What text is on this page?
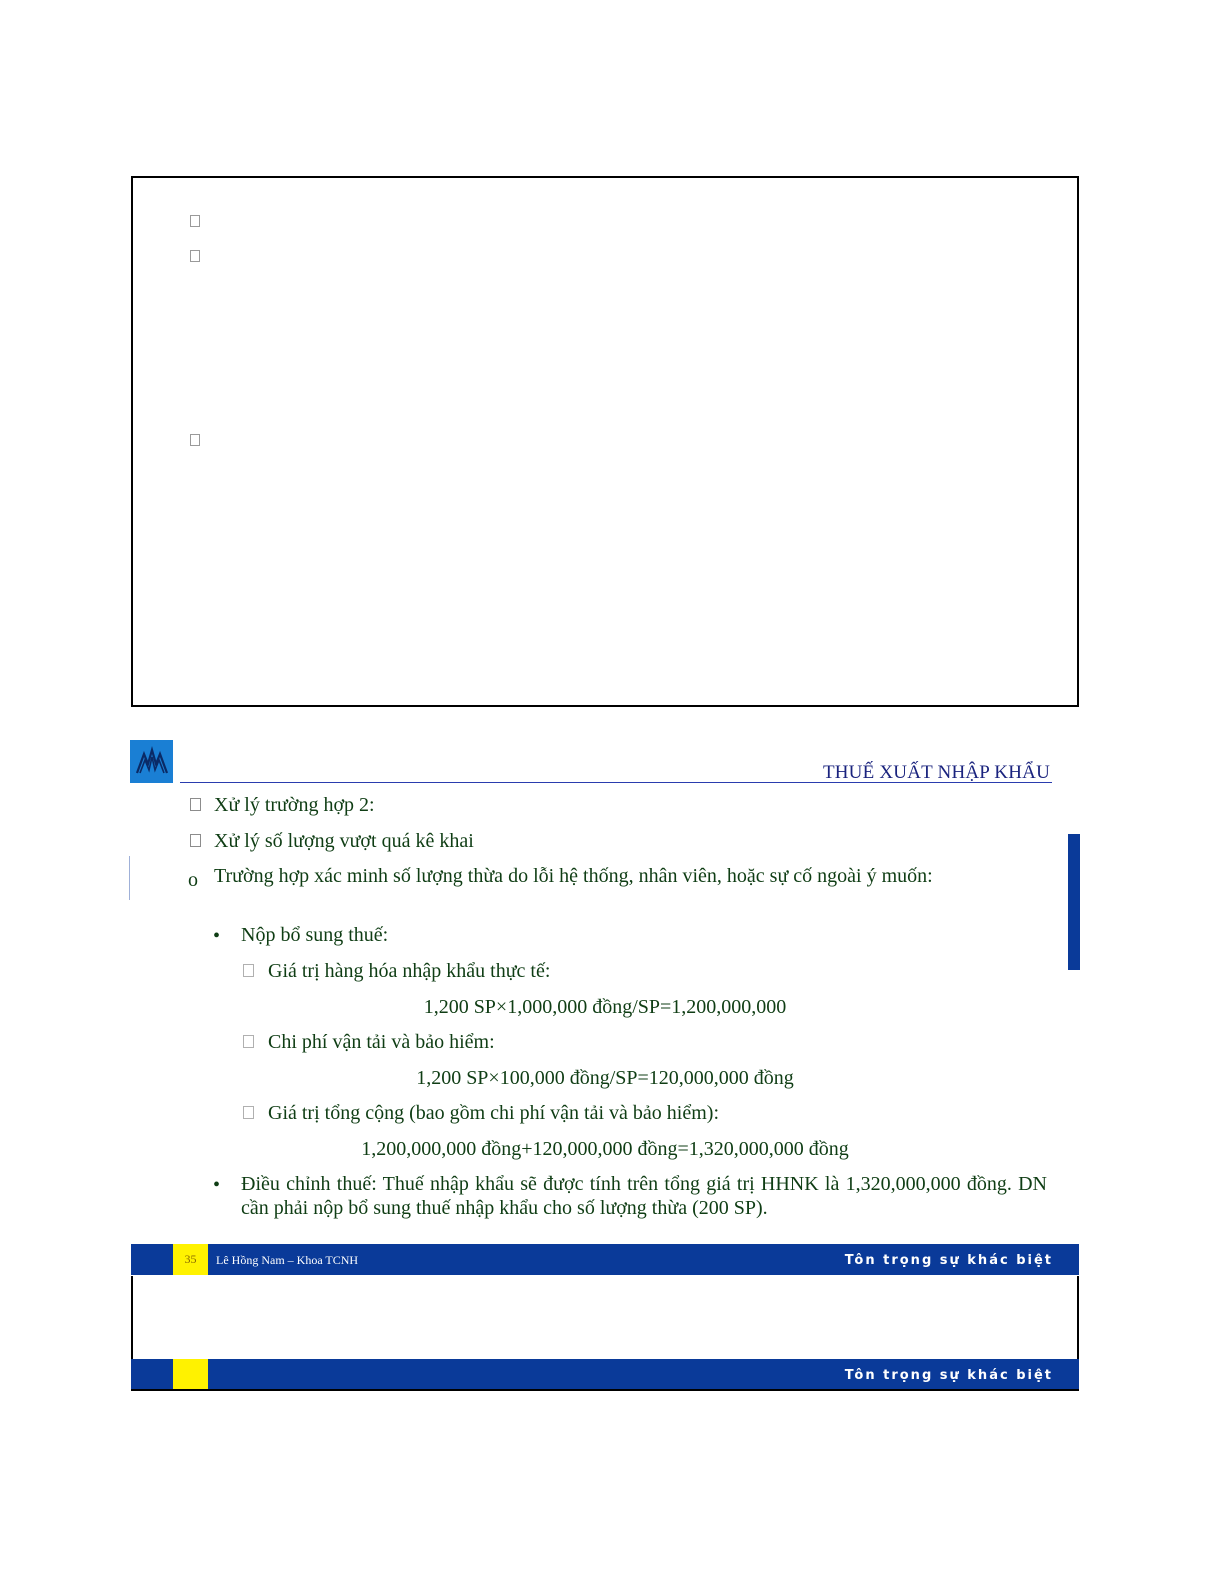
THUẾ XUẤT NHẬP KHẨU
Xử lý trường hợp 2:
Xử lý số lượng vượt quá kê khai
o Trường hợp xác minh số lượng thừa do lỗi hệ thống, nhân viên, hoặc sự cố ngoài ý muốn:
• Nộp bổ sung thuế:
Giá trị hàng hóa nhập khẩu thực tế:
1,200 SP×1,000,000 đồng/SP=1,200,000,000
Chi phí vận tải và bảo hiểm:
1,200 SP×100,000 đồng/SP=120,000,000 đồng
Giá trị tổng cộng (bao gồm chi phí vận tải và bảo hiểm):
1,200,000,000 đồng+120,000,000 đồng=1,320,000,000 đồng
• Điều chỉnh thuế: Thuế nhập khẩu sẽ được tính trên tổng giá trị HHNK là 1,320,000,000 đồng. DN cần phải nộp bổ sung thuế nhập khẩu cho số lượng thừa (200 SP).
35	Lê Hồng Nam – Khoa TCNH	Tôn trọng sự khác biệt
Tôn trọng sự khác biệt
